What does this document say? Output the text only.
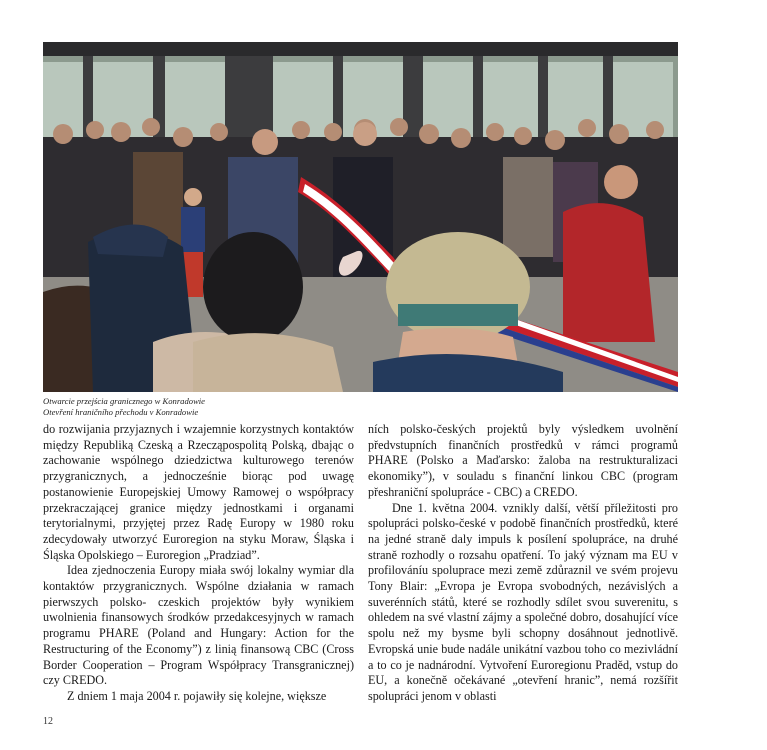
Otwarcie przejścia granicznego w Konradowie
Otevření hraničního přechodu v Konradowie

do rozwijania przyjaznych i wzajemnie korzystnych kontaktów między Republiką Czeską a Rzecząpospolitą Polską, dbając o zachowanie wspólnego dziedzictwa kulturowego terenów przygranicznych, a jednocześnie biorąc pod uwagę postanowienie Europejskiej Umowy Ramowej o współpracy przekraczającej granice między jednostkami i organami terytorialnymi, przyjętej przez Radę Europy w 1980 roku zdecydowały utworzyć Euroregion na styku Moraw, Śląska i Śląska Opolskiego – Euroregion „Pradziad”.

Idea zjednoczenia Europy miała swój lokalny wymiar dla kontaktów przygranicznych. Wspólne działania w ramach pierwszych polsko- czeskich projektów były wynikiem uwolnienia finansowych środków przedakcesyjnych w ramach programu PHARE (Poland and Hungary: Action for the Restructuring of the Economy”) z linią finansową CBC (Cross Border Cooperation – Program Współpracy Transgranicznej) czy CREDO.

Z dniem 1 maja 2004 r. pojawiły się kolejne, większe

ních polsko-českých projektů byly výsledkem uvolnění předvstupních finančních prostředků v rámci programů PHARE (Polsko a Maďarsko: žaloba na restrukturalizaci ekonomiky”), v souladu s finanční linkou CBC (program přeshraniční spolupráce - CBC) a CREDO.

Dne 1. května 2004. vznikly další, větší příležitosti pro spolupráci polsko-české v podobě finančních prostředků, které na jedné straně daly impuls k posílení spolupráce, na druhé straně rozhodly o rozsahu opatření. To jaký význam ma EU v profilováníu spoluprace mezi země zdůraznil ve svém projevu Tony Blair: „Evropa je Evropa svobodných, nezávislých a suverénních států, které se rozhodly sdílet svou suverenitu, s ohledem na své vlastní zájmy a společné dobro, dosahující více spolu než my bysme byli schopny dosáhnout jednotlivě. Evropská unie bude nadále unikátní vazbou toho co mezivládní a to co je nadnárodní. Vytvoření Euroregionu Praděd, vstup do EU, a konečně očekávané „otevření hranic”, nemá rozšířit spolupráci jenom v oblasti

12
